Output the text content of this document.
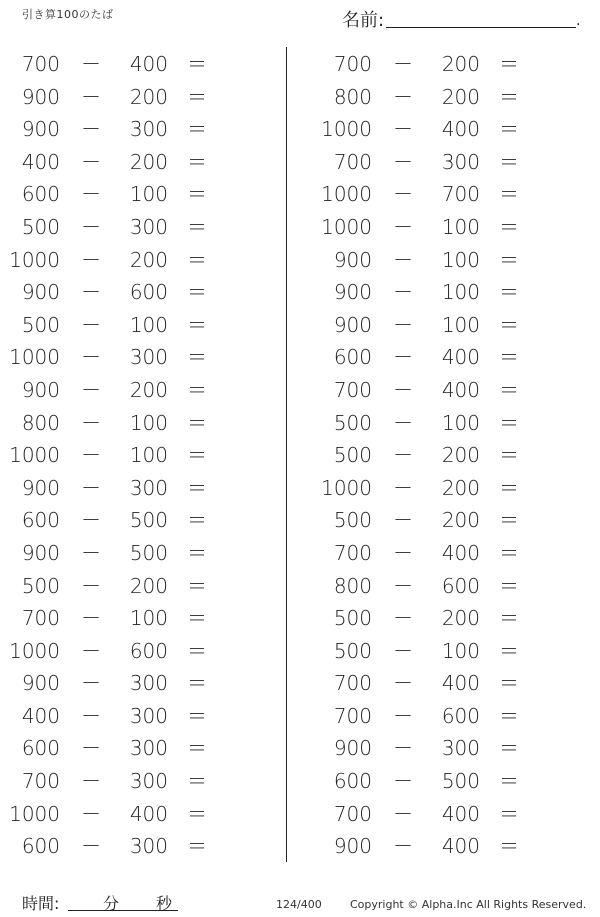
引き算100のたば	名前:	.
700 －	400 ＝
900 －	200 ＝
900 －	300 ＝
400 －	200 ＝
600 －	100 ＝
500 －	300 ＝
1000 －	200 ＝
900 －	600 ＝
500 －	100 ＝
1000 －	300 ＝
900 －	200 ＝
800 －	100 ＝
1000 －	100 ＝
900 －	300 ＝
600 －	500 ＝
900 －	500 ＝
500 －	200 ＝
700 －	100 ＝
1000 －	600 ＝
900 －	300 ＝
400 －	300 ＝
600 －	300 ＝
700 －	300 ＝
1000 －	400 ＝
600 －	300 ＝
700 －	200 ＝
800 －	200 ＝
1000 －	400 ＝
700 －	300 ＝
1000 －	700 ＝
1000 －	100 ＝
900 －	100 ＝
900 －	100 ＝
900 －	100 ＝
600 －	400 ＝
700 －	400 ＝
500 －	100 ＝
500 －	200 ＝
1000 －	200 ＝
500 －	200 ＝
700 －	400 ＝
800 －	600 ＝
500 －	200 ＝
500 －	100 ＝
700 －	400 ＝
700 －	600 ＝
900 －	300 ＝
600 －	500 ＝
700 －	400 ＝
900 －	400 ＝
時間:	分 秒	124/400	Copyright © Alpha.Inc All Rights Reserved.
